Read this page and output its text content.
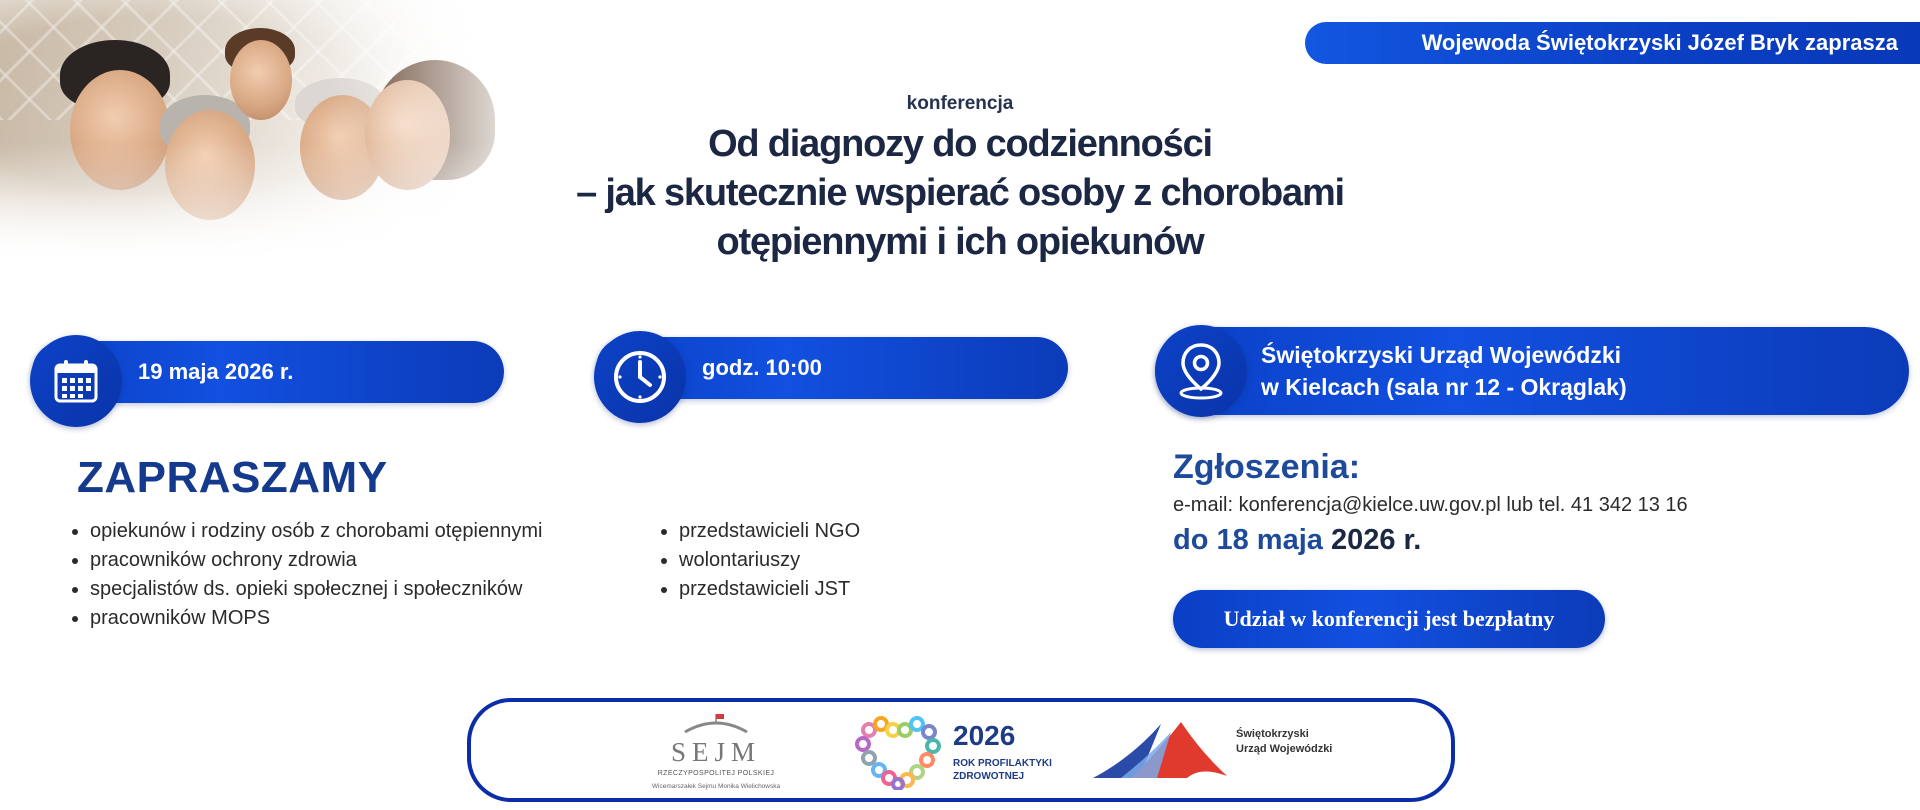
Wojewoda Świętokrzyski Józef Bryk zaprasza
konferencja
Od diagnozy do codzienności
– jak skutecznie wspierać osoby z chorobami
otępiennymi i ich opiekunów
19 maja 2026 r.	godz. 10:00	Świętokrzyski Urząd Wojewódzki
w Kielcach (sala nr 12 - Okrąglak)
ZAPRASZAMY
opiekunów i rodziny osób z chorobami otępiennymi
pracowników ochrony zdrowia
specjalistów ds. opieki społecznej i społeczników
pracowników MOPS
przedstawicieli NGO
wolontariuszy
przedstawicieli JST
Zgłoszenia:
e-mail: konferencja@kielce.uw.gov.pl lub tel. 41 342 13 16
do 18 maja 2026 r.
Udział w konferencji jest bezpłatny
SEJM
RZECZYPOSPOLITEJ POLSKIEJ
Wicemarszałek Sejmu Monika Wielichowska
2026
ROK PROFILAKTYKI
ZDROWOTNEJ
Świętokrzyski
Urząd Wojewódzki
